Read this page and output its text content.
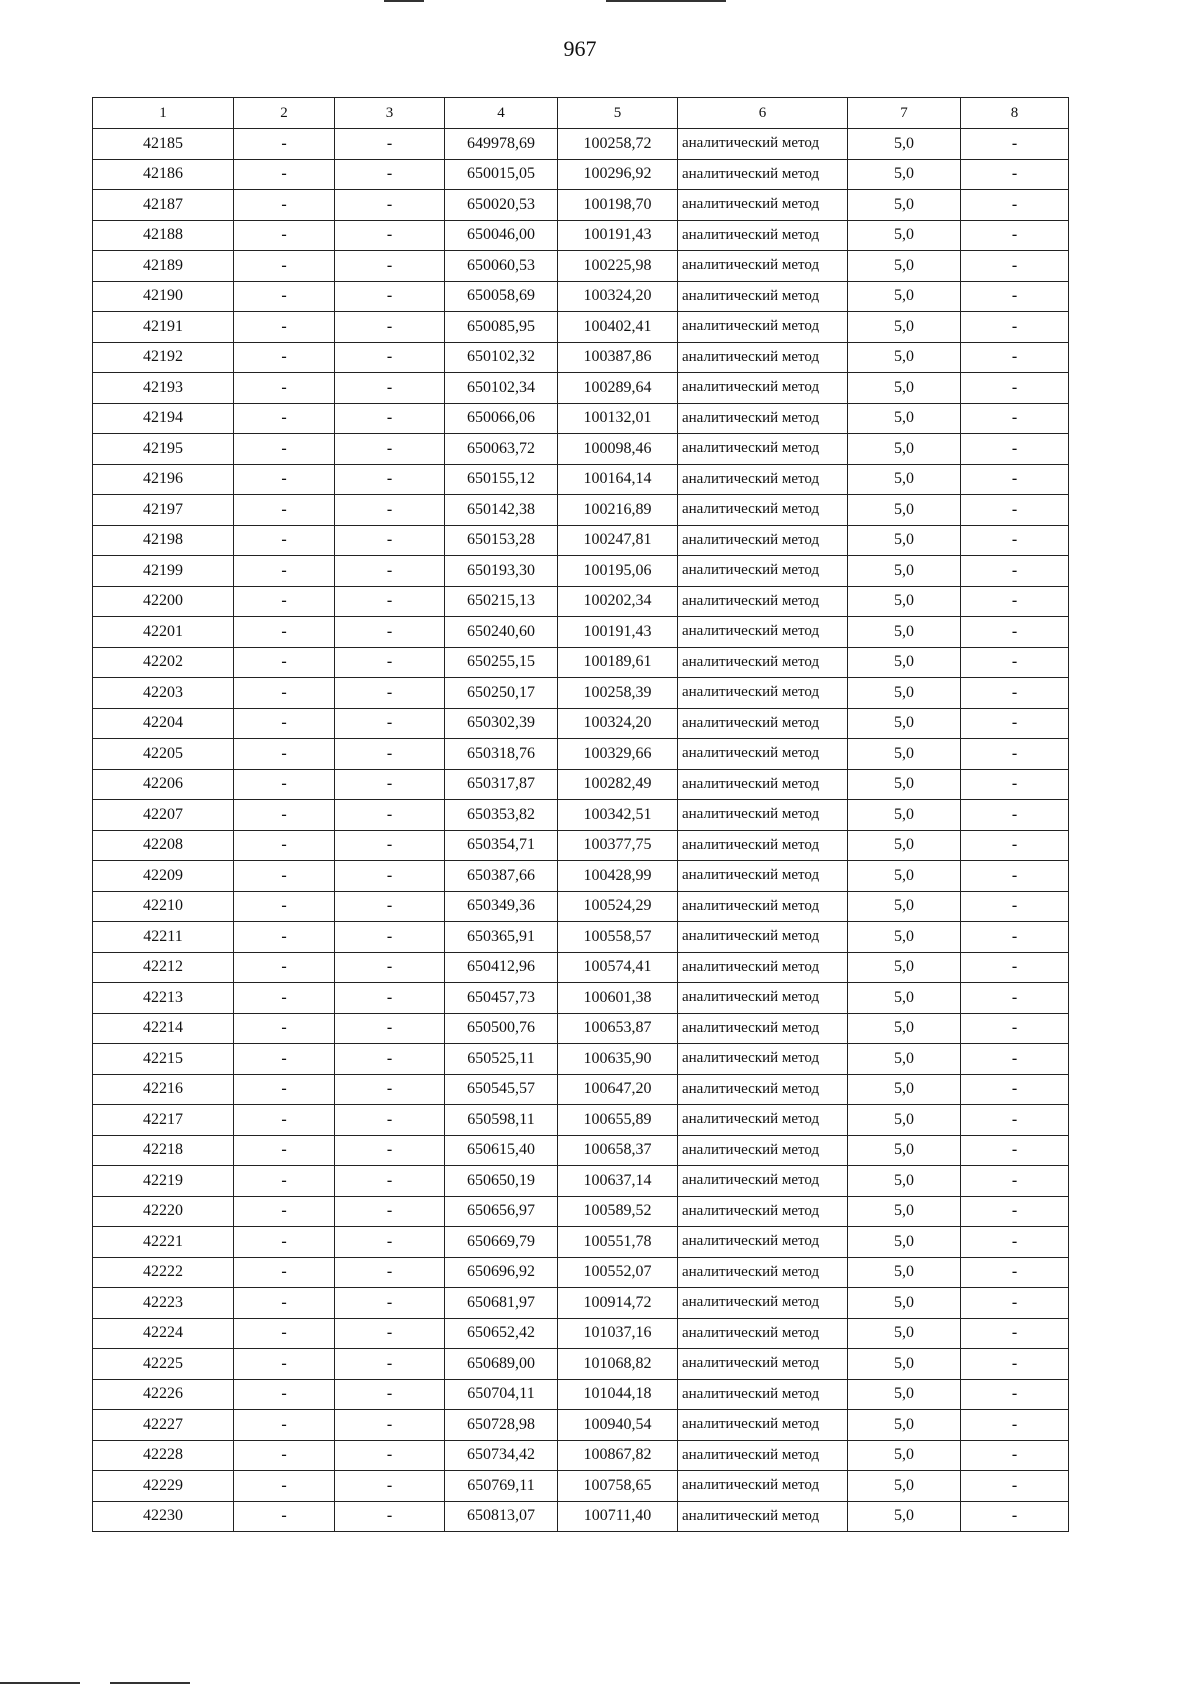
967
1	2	3	4	5	6	7	8
42185	-	-	649978,69	100258,72	аналитический метод	5,0	-
42186	-	-	650015,05	100296,92	аналитический метод	5,0	-
42187	-	-	650020,53	100198,70	аналитический метод	5,0	-
42188	-	-	650046,00	100191,43	аналитический метод	5,0	-
42189	-	-	650060,53	100225,98	аналитический метод	5,0	-
42190	-	-	650058,69	100324,20	аналитический метод	5,0	-
42191	-	-	650085,95	100402,41	аналитический метод	5,0	-
42192	-	-	650102,32	100387,86	аналитический метод	5,0	-
42193	-	-	650102,34	100289,64	аналитический метод	5,0	-
42194	-	-	650066,06	100132,01	аналитический метод	5,0	-
42195	-	-	650063,72	100098,46	аналитический метод	5,0	-
42196	-	-	650155,12	100164,14	аналитический метод	5,0	-
42197	-	-	650142,38	100216,89	аналитический метод	5,0	-
42198	-	-	650153,28	100247,81	аналитический метод	5,0	-
42199	-	-	650193,30	100195,06	аналитический метод	5,0	-
42200	-	-	650215,13	100202,34	аналитический метод	5,0	-
42201	-	-	650240,60	100191,43	аналитический метод	5,0	-
42202	-	-	650255,15	100189,61	аналитический метод	5,0	-
42203	-	-	650250,17	100258,39	аналитический метод	5,0	-
42204	-	-	650302,39	100324,20	аналитический метод	5,0	-
42205	-	-	650318,76	100329,66	аналитический метод	5,0	-
42206	-	-	650317,87	100282,49	аналитический метод	5,0	-
42207	-	-	650353,82	100342,51	аналитический метод	5,0	-
42208	-	-	650354,71	100377,75	аналитический метод	5,0	-
42209	-	-	650387,66	100428,99	аналитический метод	5,0	-
42210	-	-	650349,36	100524,29	аналитический метод	5,0	-
42211	-	-	650365,91	100558,57	аналитический метод	5,0	-
42212	-	-	650412,96	100574,41	аналитический метод	5,0	-
42213	-	-	650457,73	100601,38	аналитический метод	5,0	-
42214	-	-	650500,76	100653,87	аналитический метод	5,0	-
42215	-	-	650525,11	100635,90	аналитический метод	5,0	-
42216	-	-	650545,57	100647,20	аналитический метод	5,0	-
42217	-	-	650598,11	100655,89	аналитический метод	5,0	-
42218	-	-	650615,40	100658,37	аналитический метод	5,0	-
42219	-	-	650650,19	100637,14	аналитический метод	5,0	-
42220	-	-	650656,97	100589,52	аналитический метод	5,0	-
42221	-	-	650669,79	100551,78	аналитический метод	5,0	-
42222	-	-	650696,92	100552,07	аналитический метод	5,0	-
42223	-	-	650681,97	100914,72	аналитический метод	5,0	-
42224	-	-	650652,42	101037,16	аналитический метод	5,0	-
42225	-	-	650689,00	101068,82	аналитический метод	5,0	-
42226	-	-	650704,11	101044,18	аналитический метод	5,0	-
42227	-	-	650728,98	100940,54	аналитический метод	5,0	-
42228	-	-	650734,42	100867,82	аналитический метод	5,0	-
42229	-	-	650769,11	100758,65	аналитический метод	5,0	-
42230	-	-	650813,07	100711,40	аналитический метод	5,0	-
